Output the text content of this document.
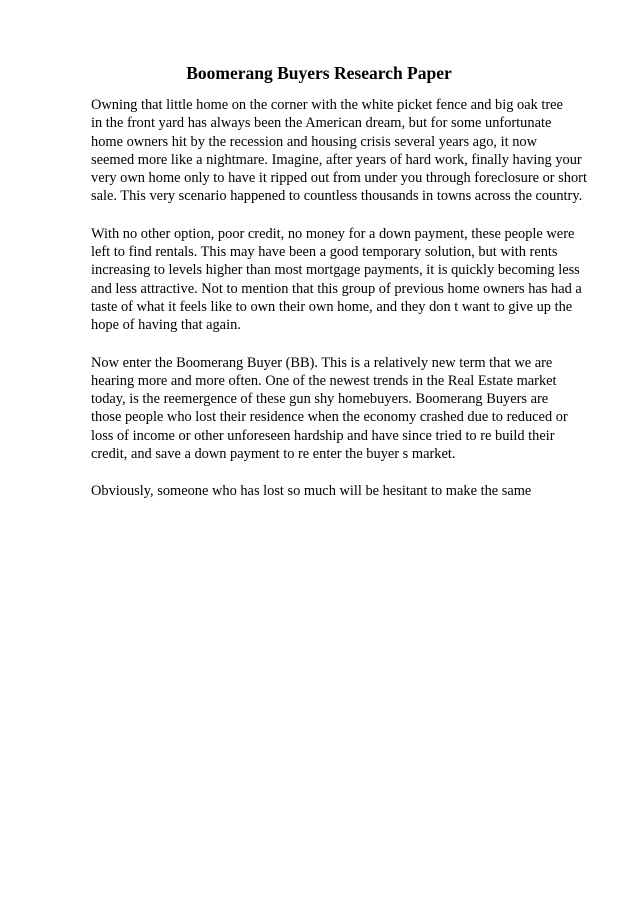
Boomerang Buyers Research Paper

Owning that little home on the corner with the white picket fence and big oak tree
in the front yard has always been the American dream, but for some unfortunate
home owners hit by the recession and housing crisis several years ago, it now
seemed more like a nightmare. Imagine, after years of hard work, finally having your
very own home only to have it ripped out from under you through foreclosure or short
sale. This very scenario happened to countless thousands in towns across the country.

With no other option, poor credit, no money for a down payment, these people were
left to find rentals. This may have been a good temporary solution, but with rents
increasing to levels higher than most mortgage payments, it is quickly becoming less
and less attractive. Not to mention that this group of previous home owners has had a
taste of what it feels like to own their own home, and they don t want to give up the
hope of having that again.

Now enter the Boomerang Buyer (BB). This is a relatively new term that we are
hearing more and more often. One of the newest trends in the Real Estate market
today, is the reemergence of these gun shy homebuyers. Boomerang Buyers are
those people who lost their residence when the economy crashed due to reduced or
loss of income or other unforeseen hardship and have since tried to re build their
credit, and save a down payment to re enter the buyer s market.

Obviously, someone who has lost so much will be hesitant to make the same
